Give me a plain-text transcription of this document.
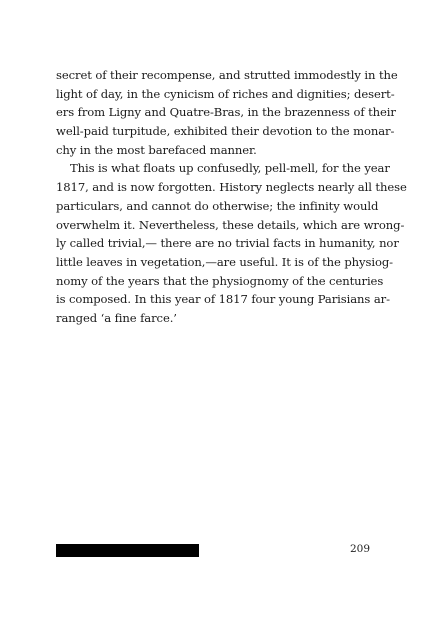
secret of their recompense, and strutted immodestly in the
light of day, in the cynicism of riches and dignities; desert-
ers from Ligny and Quatre-Bras, in the brazenness of their
well-paid turpitude, exhibited their devotion to the monar-
chy in the most barefaced manner.
This is what floats up confusedly, pell-mell, for the year
1817, and is now forgotten. History neglects nearly all these
particulars, and cannot do otherwise; the infinity would
overwhelm it. Nevertheless, these details, which are wrong-
ly called trivial,— there are no trivial facts in humanity, nor
little leaves in vegetation,—are useful. It is of the physiog-
nomy of the years that the physiognomy of the centuries
is composed. In this year of 1817 four young Parisians ar-
ranged ‘a fine farce.’
209
